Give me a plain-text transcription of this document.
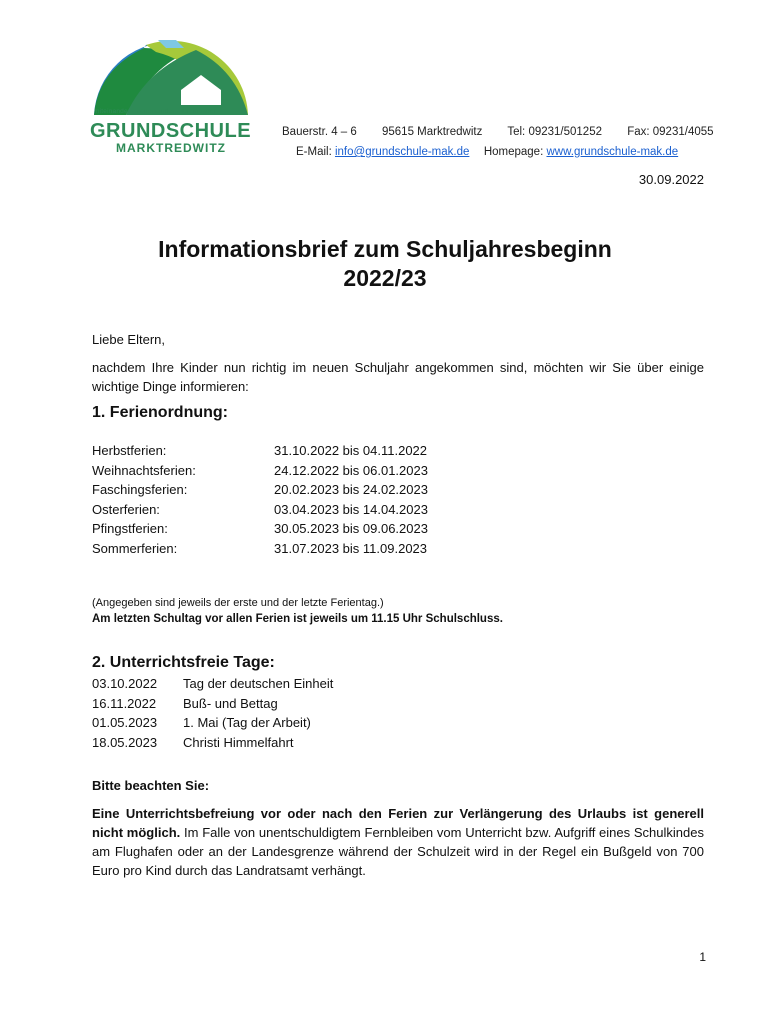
miteinander · voneinander · füreinander
GRUNDSCHULE
MARKTREDWITZ
Bauerstr. 4 – 6 95615 Marktredwitz Tel: 09231/501252 Fax: 09231/4055
E-Mail: info@grundschule-mak.de Homepage: www.grundschule-mak.de
30.09.2022
Informationsbrief zum Schuljahresbeginn
2022/23
Liebe Eltern,
nachdem Ihre Kinder nun richtig im neuen Schuljahr angekommen sind, möchten wir Sie über einige wichtige Dinge informieren:
1. Ferienordnung:
Herbstferien:	31.10.2022 bis 04.11.2022
Weihnachtsferien:	24.12.2022 bis 06.01.2023
Faschingsferien:	20.02.2023 bis 24.02.2023
Osterferien:	03.04.2023 bis 14.04.2023
Pfingstferien:	30.05.2023 bis 09.06.2023
Sommerferien:	31.07.2023 bis 11.09.2023
(Angegeben sind jeweils der erste und der letzte Ferientag.)
Am letzten Schultag vor allen Ferien ist jeweils um 11.15 Uhr Schulschluss.
2. Unterrichtsfreie Tage:
03.10.2022 Tag der deutschen Einheit
16.11.2022 Buß- und Bettag
01.05.2023 1. Mai (Tag der Arbeit)
18.05.2023 Christi Himmelfahrt
Bitte beachten Sie:
Eine Unterrichtsbefreiung vor oder nach den Ferien zur Verlängerung des Urlaubs ist generell nicht möglich. Im Falle von unentschuldigtem Fernbleiben vom Unterricht bzw. Aufgriff eines Schulkindes am Flughafen oder an der Landesgrenze während der Schulzeit wird in der Regel ein Bußgeld von 700 Euro pro Kind durch das Landratsamt verhängt.
1
